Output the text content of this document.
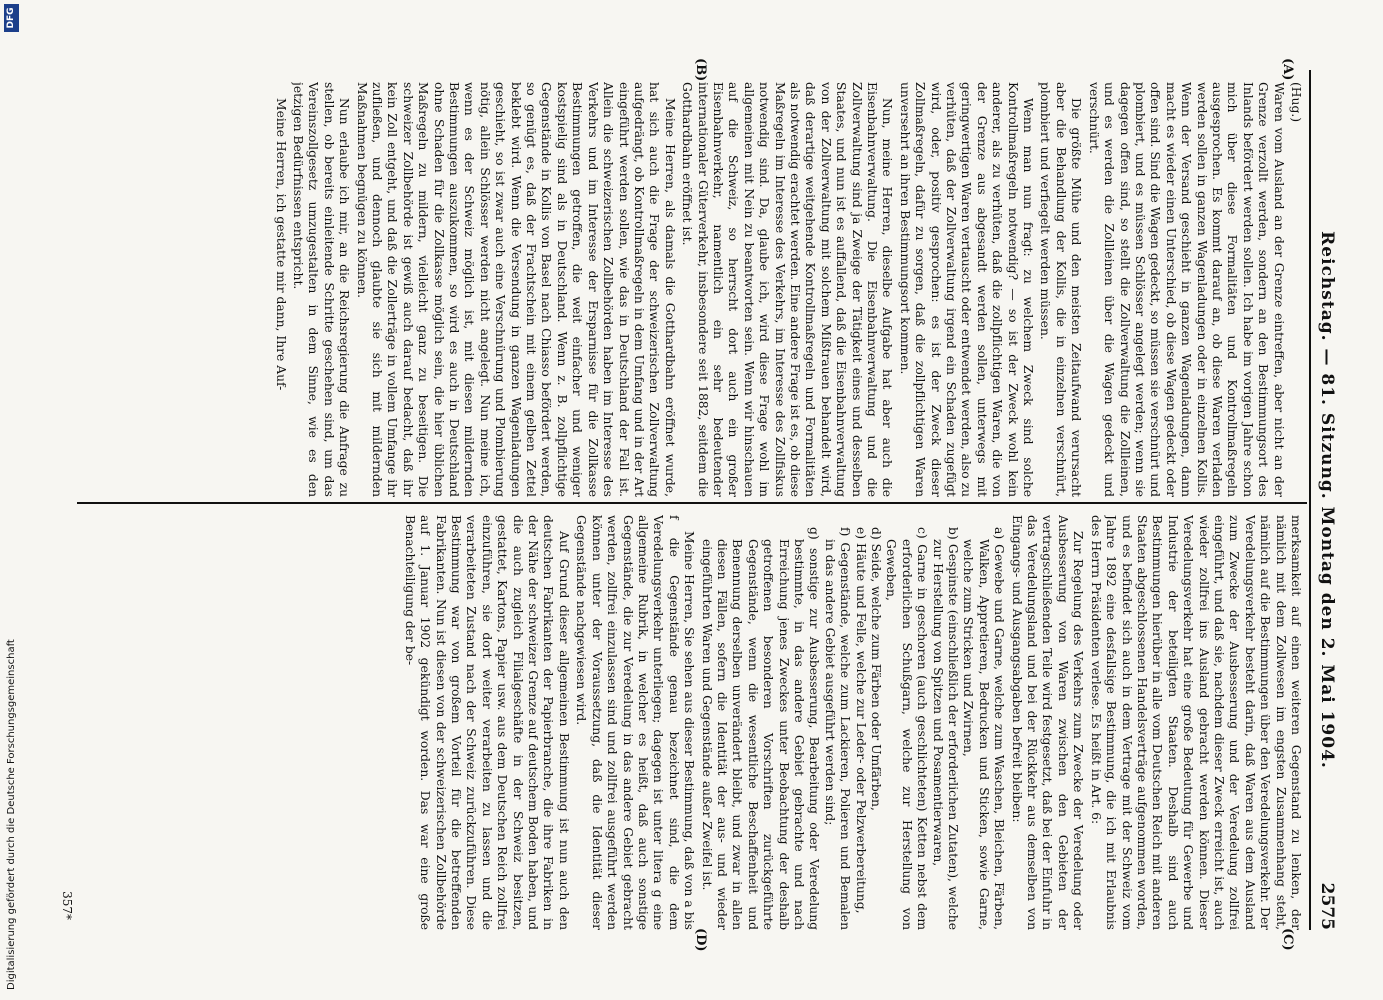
Reichstag. — 81. Sitzung. Montag den 2. Mai 1904.
2575
(A)
(B)
(C)
(D)

(Hug.)

Waren vom Ausland an der Grenze eintreffen, aber nicht an der Grenze verzollt werden, sondern an den Bestimmungsort des Inlands befördert werden sollen. Ich habe im vorigen Jahre schon mich über diese Formalitäten und Kontrollmaßregeln ausgesprochen. Es kommt darauf an, ob diese Waren verladen werden sollen in ganzen Wagenladungen oder in einzelnen Kollis. Wenn der Versand geschieht in ganzen Wagenladungen, dann macht es wieder einen Unterschied, ob diese Wagen gedeckt oder offen sind. Sind die Wagen gedeckt, so müssen sie verschnürt und plombiert, und es müssen Schlösser angelegt werden; wenn sie dagegen offen sind, so stellt die Zollverwaltung die Zollleinen, und es werden die Zollleinen über die Wagen gedeckt und verschnürt.

Die größte Mühe und den meisten Zeitaufwand verursacht aber die Behandlung der Kollis, die in einzelnen verschnürt, plombiert und verfiegelt werden müssen.

Wenn man nun fragt: zu welchem Zweck sind solche Kontrollmaßregeln notwendig? — so ist der Zweck wohl kein anderer, als zu verhüten, daß die zollpflichtigen Waren, die von der Grenze aus abgesandt werden sollen, unterwegs mit geringwertigen Waren vertauscht oder entwendet werden, also zu verhüten, daß der Zollverwaltung irgend ein Schaden zugefügt wird, oder, positiv gesprochen: es ist der Zweck dieser Zollmaßregeln, dafür zu sorgen, daß die zollpflichtigen Waren unversehrt an ihren Bestimmungsort kommen.

Nun, meine Herren, dieselbe Aufgabe hat aber auch die Eisenbahnverwaltung. Die Eisenbahnverwaltung und die Zollverwaltung sind ja Zweige der Tätigkeit eines und desselben Staates, und nun ist es auffallend, daß die Eisenbahnverwaltung von der Zollverwaltung mit solchem Mißtrauen behandelt wird, daß derartige weitgehende Kontrollmaßregeln und Formalitäten als notwendig erachtet werden. Eine andere Frage ist es, ob diese Maßregeln im Interesse des Verkehrs, im Interesse des Zollfiskus notwendig sind. Da, glaube ich, wird diese Frage wohl im allgemeinen mit Nein zu beantworten sein. Wenn wir hinschauen auf die Schweiz, so herrscht dort auch ein großer Eisenbahnverkehr, namentlich ein sehr bedeutender internationaler Güterverkehr, insbesondere seit 1882, seitdem die Gotthardbahn eröffnet ist.

Meine Herren, als damals die Gotthardbahn eröffnet wurde, hat sich auch die Frage der schweizerischen Zollverwaltung aufgedrängt, ob Kontrollmaßregeln in dem Umfang und in der Art eingeführt werden sollen, wie das in Deutschland der Fall ist. Allein die schweizerischen Zollbehörden haben im Interesse des Verkehrs und im Interesse der Ersparnisse für die Zollkasse Bestimmungen getroffen, die weit einfacher und weniger kostspielig sind als in Deutschland. Wenn z. B. zollpflichtige Gegenstände in Kollis von Basel nach Chiasso befördert werden, so genügt es, daß der Frachtschein mit einem gelben Zettel beklebt wird. Wenn die Versendung in ganzen Wagenladungen geschieht, so ist zwar auch eine Verschnürung und Plombierung nötig, allein Schlösser werden nicht angelegt. Nun meine ich, wenn es der Schweiz möglich ist, mit diesen mildernden Bestimmungen auszukommen, so wird es auch in Deutschland ohne Schaden für die Zollkasse möglich sein, die hier üblichen Maßregeln zu mildern, vielleicht ganz zu beseitigen. Die schweizer Zollbehörde ist gewiß auch darauf bedacht, daß ihr kein Zoll entgeht, und daß die Zollerträge in vollem Umfange ihr zufließen, und dennoch glaubte sie sich mit mildernden Maßnahmen begnügen zu können.

Nun erlaube ich mir, an die Reichsregierung die Anfrage zu stellen, ob bereits einleitende Schritte geschehen sind, um das Vereinszollgesetz umzugestalten in dem Sinne, wie es den jetzigen Bedürfnissen entspricht.

Meine Herren, ich gestatte mir dann, Ihre Auf-

merksamkeit auf einen weiteren Gegenstand zu lenken, der nämlich mit dem Zollwesen im engsten Zusammenhang steht, nämlich auf die Bestimmungen über den Veredelungsverkehr. Der Veredelungsverkehr besteht darin, daß Waren aus dem Ausland zum Zwecke der Ausbesserung und der Veredelung zollfrei eingeführt, und daß sie, nachdem dieser Zweck erreicht ist, auch wieder zollfrei ins Ausland gebracht werden können. Dieser Veredelungsverkehr hat eine große Bedeutung für Gewerbe und Industrie der beteiligten Staaten. Deshalb sind auch Bestimmungen hierüber in alle vom Deutschen Reich mit anderen Staaten abgeschlossenen Handelsverträge aufgenommen worden, und es befindet sich auch in dem Vertrage mit der Schweiz vom Jahre 1892 eine desfallsige Bestimmung, die ich mit Erlaubnis des Herrn Präsidenten verlese. Es heißt in Art. 6:

Zur Regelung des Verkehrs zum Zwecke der Veredelung oder Ausbesserung von Waren zwischen den Gebieten der vertragschließenden Teile wird festgesetzt, daß bei der Einfuhr in das Veredelungsland und bei der Rückkehr aus demselben von Eingangs- und Ausgangsabgaben befreit bleiben:

a) Gewebe und Garne, welche zum Waschen, Bleichen, Färben, Walken, Appretieren, Bedrucken und Sticken, sowie Garne, welche zum Stricken und Zwirnen,
b) Gespinste (einschließlich der erforderlichen Zutaten), welche zur Herstellung von Spitzen und Posamentierwaren,
c) Garne in geschoren (auch geschlichteten) Ketten nebst dem erforderlichen Schußgarn, welche zur Herstellung von Geweben,
d) Seide, welche zum Färben oder Umfärben,
e) Häute und Felle, welche zur Leder- oder Pelzwerbereitung,
f) Gegenstände, welche zum Lackieren, Polieren und Bemalen in das andere Gebiet ausgeführt werden sind;
g) sonstige zur Ausbesserung, Bearbeitung oder Veredelung bestimmte, in das andere Gebiet gebrachte und nach Erreichung jenes Zweckes unter Beobachtung der deshalb getroffenen besonderen Vorschriften zurückgeführte Gegenstände, wenn die wesentliche Beschaffenheit und Benennung derselben unverändert bleibt, und zwar in allen diesen Fällen, sofern die Identität der aus- und wieder eingeführten Waren und Gegenstände außer Zweifel ist.

Meine Herren, Sie sehen aus dieser Bestimmung, daß von a bis f die Gegenstände genau bezeichnet sind, die dem Veredelungsverkehr unterliegen; dagegen ist unter litera g eine allgemeine Rubrik, in welcher es heißt, daß auch sonstige Gegenstände, die zur Veredelung in das andere Gebiet gebracht werden, zollfrei einzulassen sind und zollfrei ausgeführt werden können unter der Voraussetzung, daß die Identität dieser Gegenstände nachgewiesen wird.

Auf Grund dieser allgemeinen Bestimmung ist nun auch den deutschen Fabrikanten der Papierbranche, die ihre Fabriken in der Nähe der schweizer Grenze auf deutschem Boden haben, und die auch zugleich Filialgeschäfte in der Schweiz besitzen, gestattet, Kartons, Papier usw. aus dem Deutschen Reich zollfrei einzuführen, sie dort weiter verarbeiten zu lassen und die verarbeiteten Zustand nach der Schweiz zurückzuführen. Diese Bestimmung war von großem Vorteil für die betreffenden Fabrikanten. Nun ist diesen von der schweizerischen Zollbehörde auf 1. Januar 1902 gekündigt worden. Das war eine große Benachteiligung der be-

357*
Digitalisierung gefördert durch die Deutsche Forschungsgemeinschaft
DFG
